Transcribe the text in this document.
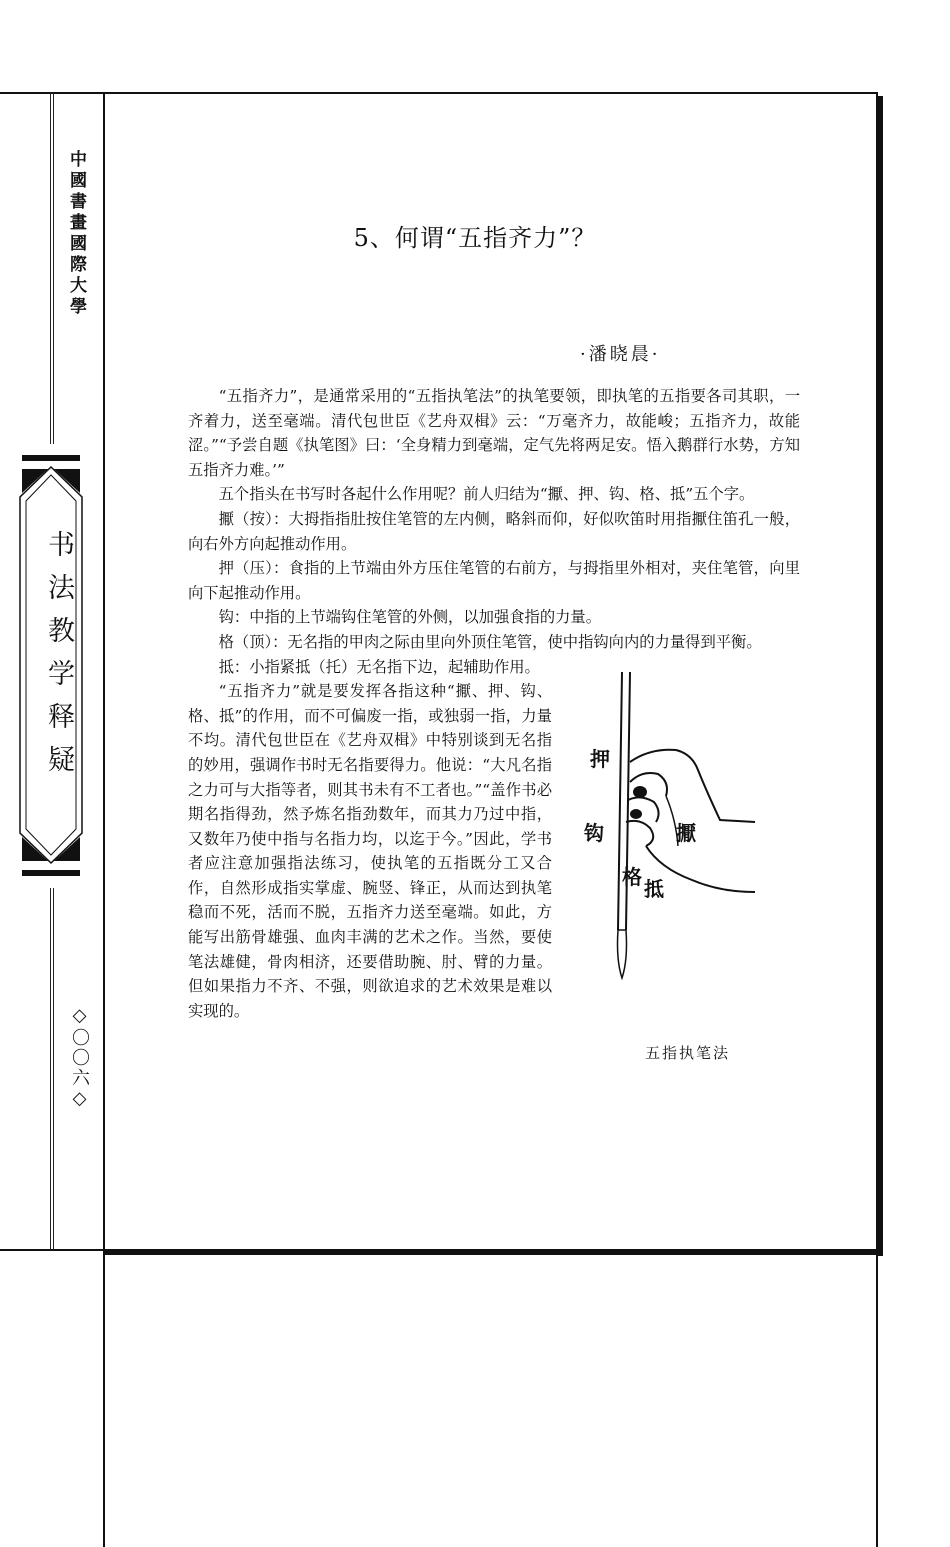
中國書畫國際大學
书法教学释疑
◇〇〇六◇
5、何谓“五指齐力”？
·潘晓晨·

“五指齐力”，是通常采用的“五指执笔法”的执笔要领，即执笔的五指要各司其职，一齐着力，送至毫端。清代包世臣《艺舟双楫》云：“万毫齐力，故能峻；五指齐力，故能涩。”“予尝自题《执笔图》曰：‘全身精力到毫端，定气先将两足安。悟入鹅群行水势，方知五指齐力难。’”

五个指头在书写时各起什么作用呢？前人归结为“擫、押、钩、格、抵”五个字。

擫（按）：大拇指指肚按住笔管的左内侧，略斜而仰，好似吹笛时用指擫住笛孔一般，向右外方向起推动作用。

押（压）：食指的上节端由外方压住笔管的右前方，与拇指里外相对，夹住笔管，向里向下起推动作用。

钩：中指的上节端钩住笔管的外侧，以加强食指的力量。

格（顶）：无名指的甲肉之际由里向外顶住笔管，使中指钩向内的力量得到平衡。

抵：小指紧抵（托）无名指下边，起辅助作用。

“五指齐力”就是要发挥各指这种“擫、押、钩、格、抵”的作用，而不可偏废一指，或独弱一指，力量不均。清代包世臣在《艺舟双楫》中特别谈到无名指的妙用，强调作书时无名指要得力。他说：“大凡名指之力可与大指等者，则其书未有不工者也。”“盖作书必期名指得劲，然予炼名指劲数年，而其力乃过中指，又数年乃使中指与名指力均，以迄于今。”因此，学书者应注意加强指法练习，使执笔的五指既分工又合作，自然形成指实掌虚、腕竖、锋正，从而达到执笔稳而不死，活而不脱，五指齐力送至毫端。如此，方能写出筋骨雄强、血肉丰满的艺术之作。当然，要使笔法雄健，骨肉相济，还要借助腕、肘、臂的力量。但如果指力不齐、不强，则欲追求的艺术效果是难以实现的。

押
钩	擫
格 抵
五指执笔法
